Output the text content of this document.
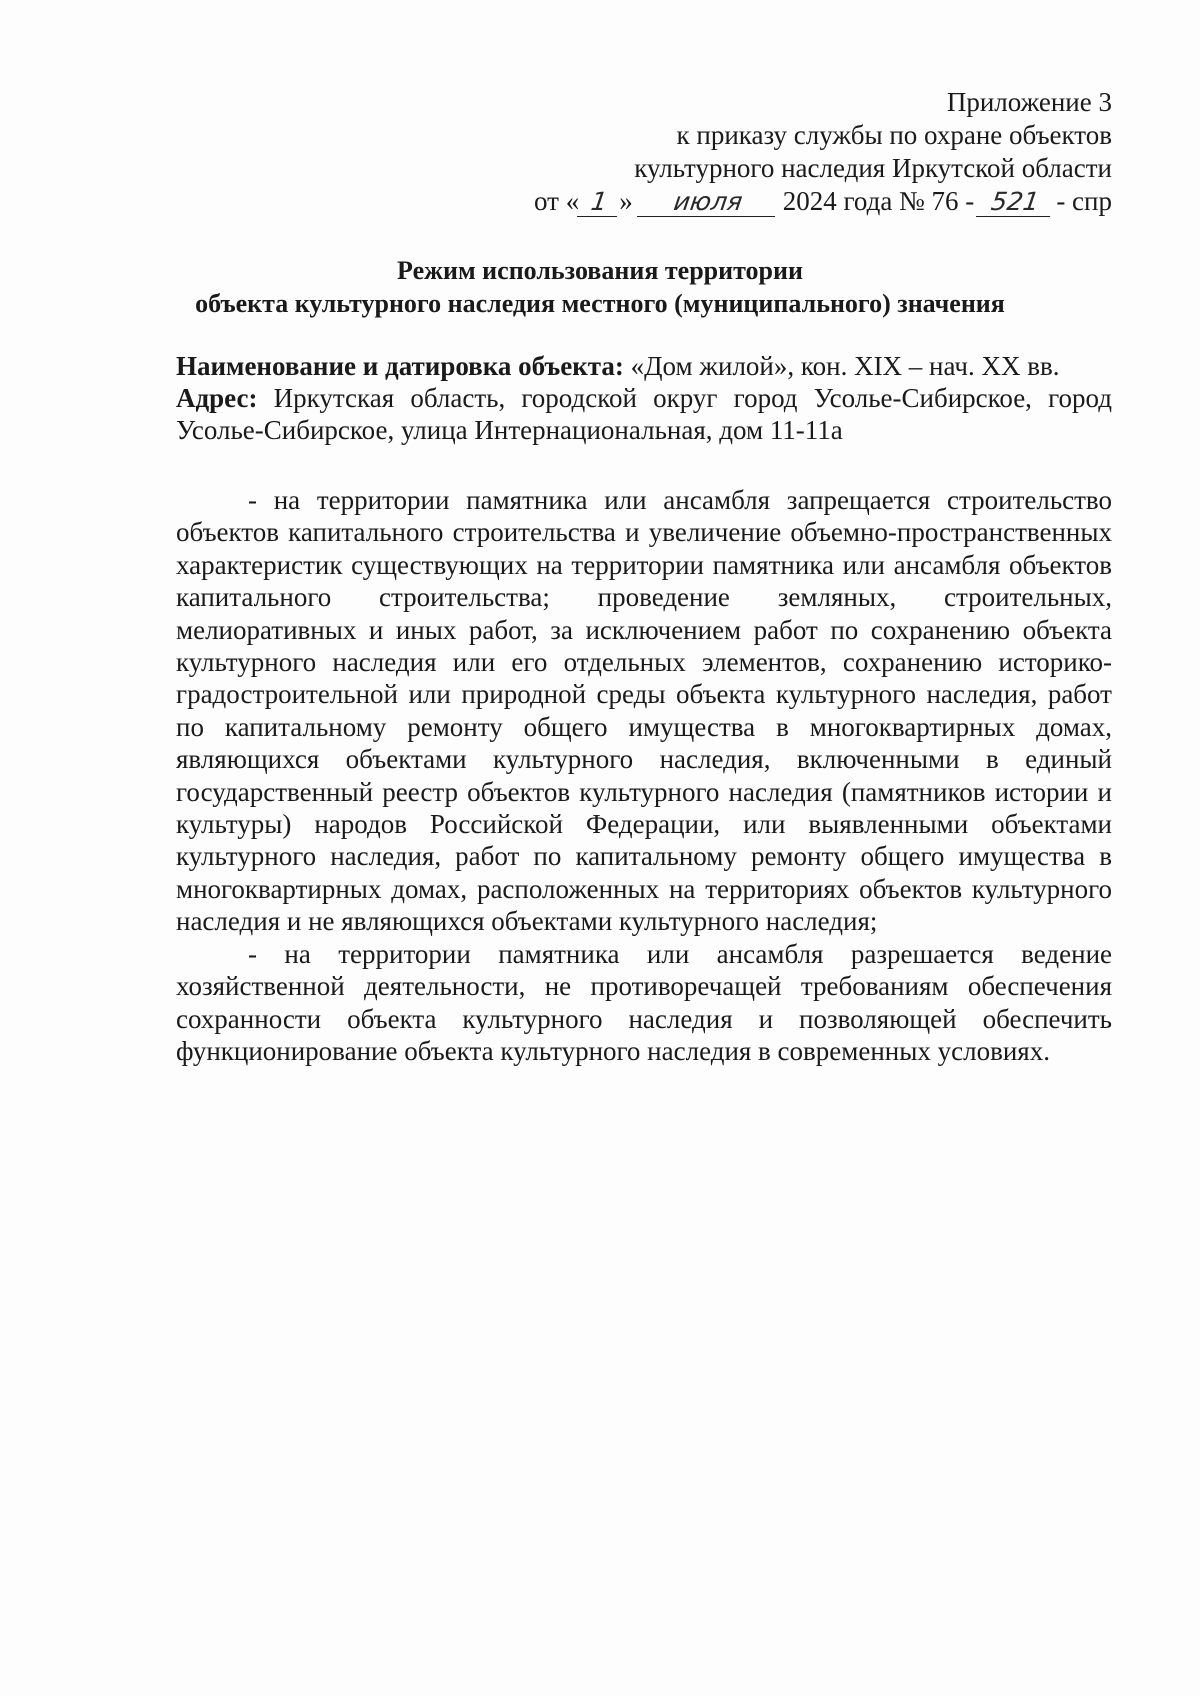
Приложение 3
к приказу службы по охране объектов
культурного наследия Иркутской области
от « 1 » июля 2024 года № 76 - 521 - спр
Режим использования территории
объекта культурного наследия местного (муниципального) значения
Наименование и датировка объекта: «Дом жилой», кон. XIX – нач. XX вв.
Адрес: Иркутская область, городской округ город Усолье-Сибирское, город Усолье-Сибирское, улица Интернациональная, дом 11-11а

- на территории памятника или ансамбля запрещается строительство объектов капитального строительства и увеличение объемно-пространственных характеристик существующих на территории памятника или ансамбля объектов капитального строительства; проведение земляных, строительных, мелиоративных и иных работ, за исключением работ по сохранению объекта культурного наследия или его отдельных элементов, сохранению историко-градостроительной или природной среды объекта культурного наследия, работ по капитальному ремонту общего имущества в многоквартирных домах, являющихся объектами культурного наследия, включенными в единый государственный реестр объектов культурного наследия (памятников истории и культуры) народов Российской Федерации, или выявленными объектами культурного наследия, работ по капитальному ремонту общего имущества в многоквартирных домах, расположенных на территориях объектов культурного наследия и не являющихся объектами культурного наследия;

- на территории памятника или ансамбля разрешается ведение хозяйственной деятельности, не противоречащей требованиям обеспечения сохранности объекта культурного наследия и позволяющей обеспечить функционирование объекта культурного наследия в современных условиях.
